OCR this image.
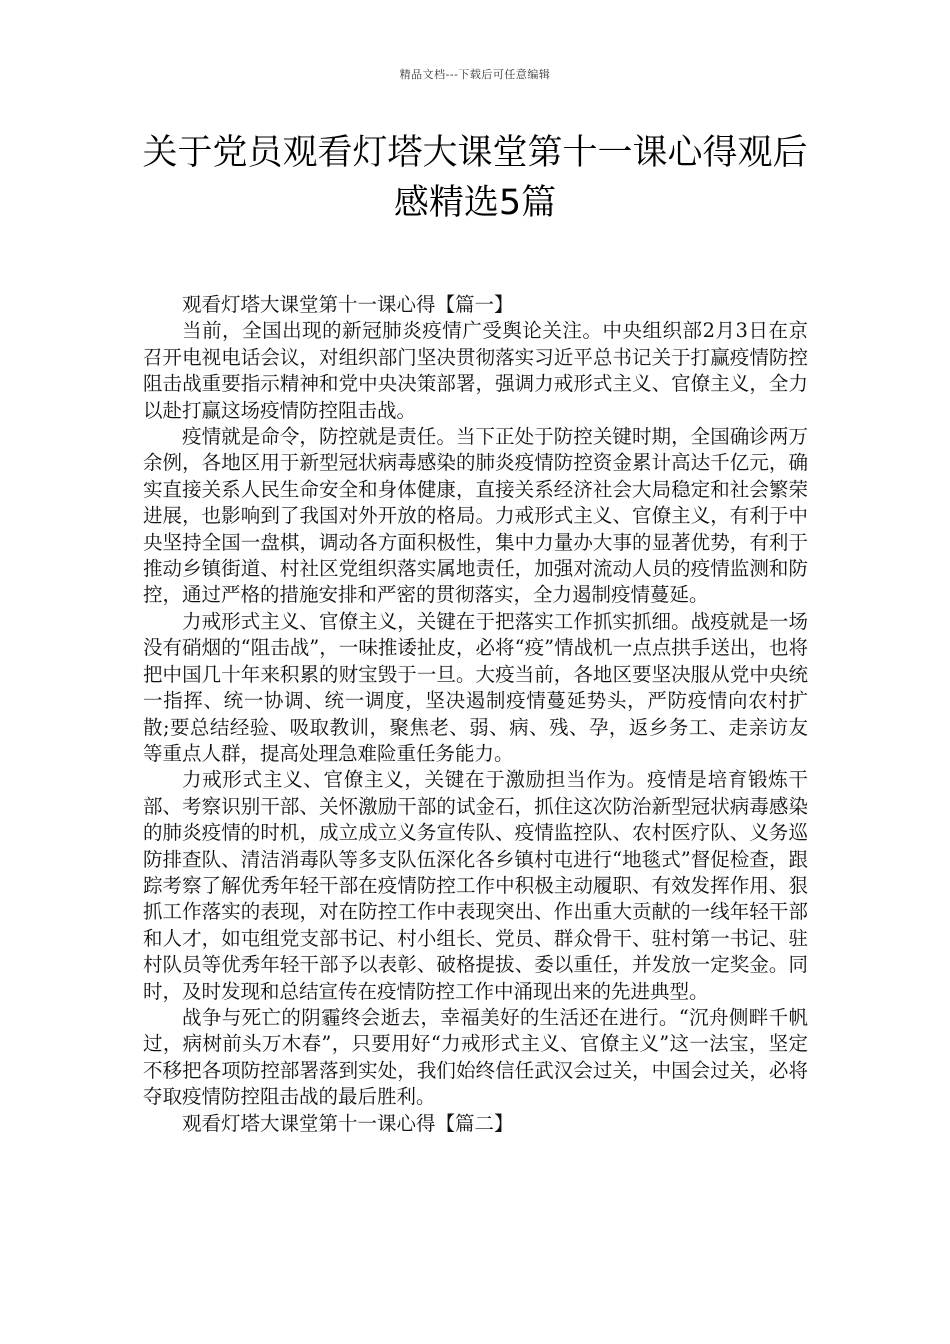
精品文档---下载后可任意编辑
关于党员观看灯塔大课堂第十一课心得观后感精选5篇

观看灯塔大课堂第十一课心得【篇一】

当前，全国出现的新冠肺炎疫情广受舆论关注。中央组织部2月3日在京召开电视电话会议，对组织部门坚决贯彻落实习近平总书记关于打赢疫情防控阻击战重要指示精神和党中央决策部署，强调力戒形式主义、官僚主义，全力以赴打赢这场疫情防控阻击战。

疫情就是命令，防控就是责任。当下正处于防控关键时期，全国确诊两万余例，各地区用于新型冠状病毒感染的肺炎疫情防控资金累计高达千亿元，确实直接关系人民生命安全和身体健康，直接关系经济社会大局稳定和社会繁荣进展，也影响到了我国对外开放的格局。力戒形式主义、官僚主义，有利于中央坚持全国一盘棋，调动各方面积极性，集中力量办大事的显著优势，有利于推动乡镇街道、村社区党组织落实属地责任，加强对流动人员的疫情监测和防控，通过严格的措施安排和严密的贯彻落实，全力遏制疫情蔓延。

力戒形式主义、官僚主义，关键在于把落实工作抓实抓细。战疫就是一场没有硝烟的“阻击战”，一味推诿扯皮，必将“疫”情战机一点点拱手送出，也将把中国几十年来积累的财宝毁于一旦。大疫当前，各地区要坚决服从党中央统一指挥、统一协调、统一调度，坚决遏制疫情蔓延势头，严防疫情向农村扩散;要总结经验、吸取教训，聚焦老、弱、病、残、孕，返乡务工、走亲访友等重点人群，提高处理急难险重任务能力。

力戒形式主义、官僚主义，关键在于激励担当作为。疫情是培育锻炼干部、考察识别干部、关怀激励干部的试金石，抓住这次防治新型冠状病毒感染的肺炎疫情的时机，成立成立义务宣传队、疫情监控队、农村医疗队、义务巡防排查队、清洁消毒队等多支队伍深化各乡镇村屯进行“地毯式”督促检查，跟踪考察了解优秀年轻干部在疫情防控工作中积极主动履职、有效发挥作用、狠抓工作落实的表现，对在防控工作中表现突出、作出重大贡献的一线年轻干部和人才，如屯组党支部书记、村小组长、党员、群众骨干、驻村第一书记、驻村队员等优秀年轻干部予以表彰、破格提拔、委以重任，并发放一定奖金。同时，及时发现和总结宣传在疫情防控工作中涌现出来的先进典型。

战争与死亡的阴霾终会逝去，幸福美好的生活还在进行。“沉舟侧畔千帆过，病树前头万木春”，只要用好“力戒形式主义、官僚主义”这一法宝，坚定不移把各项防控部署落到实处，我们始终信任武汉会过关，中国会过关，必将夺取疫情防控阻击战的最后胜利。

观看灯塔大课堂第十一课心得【篇二】
